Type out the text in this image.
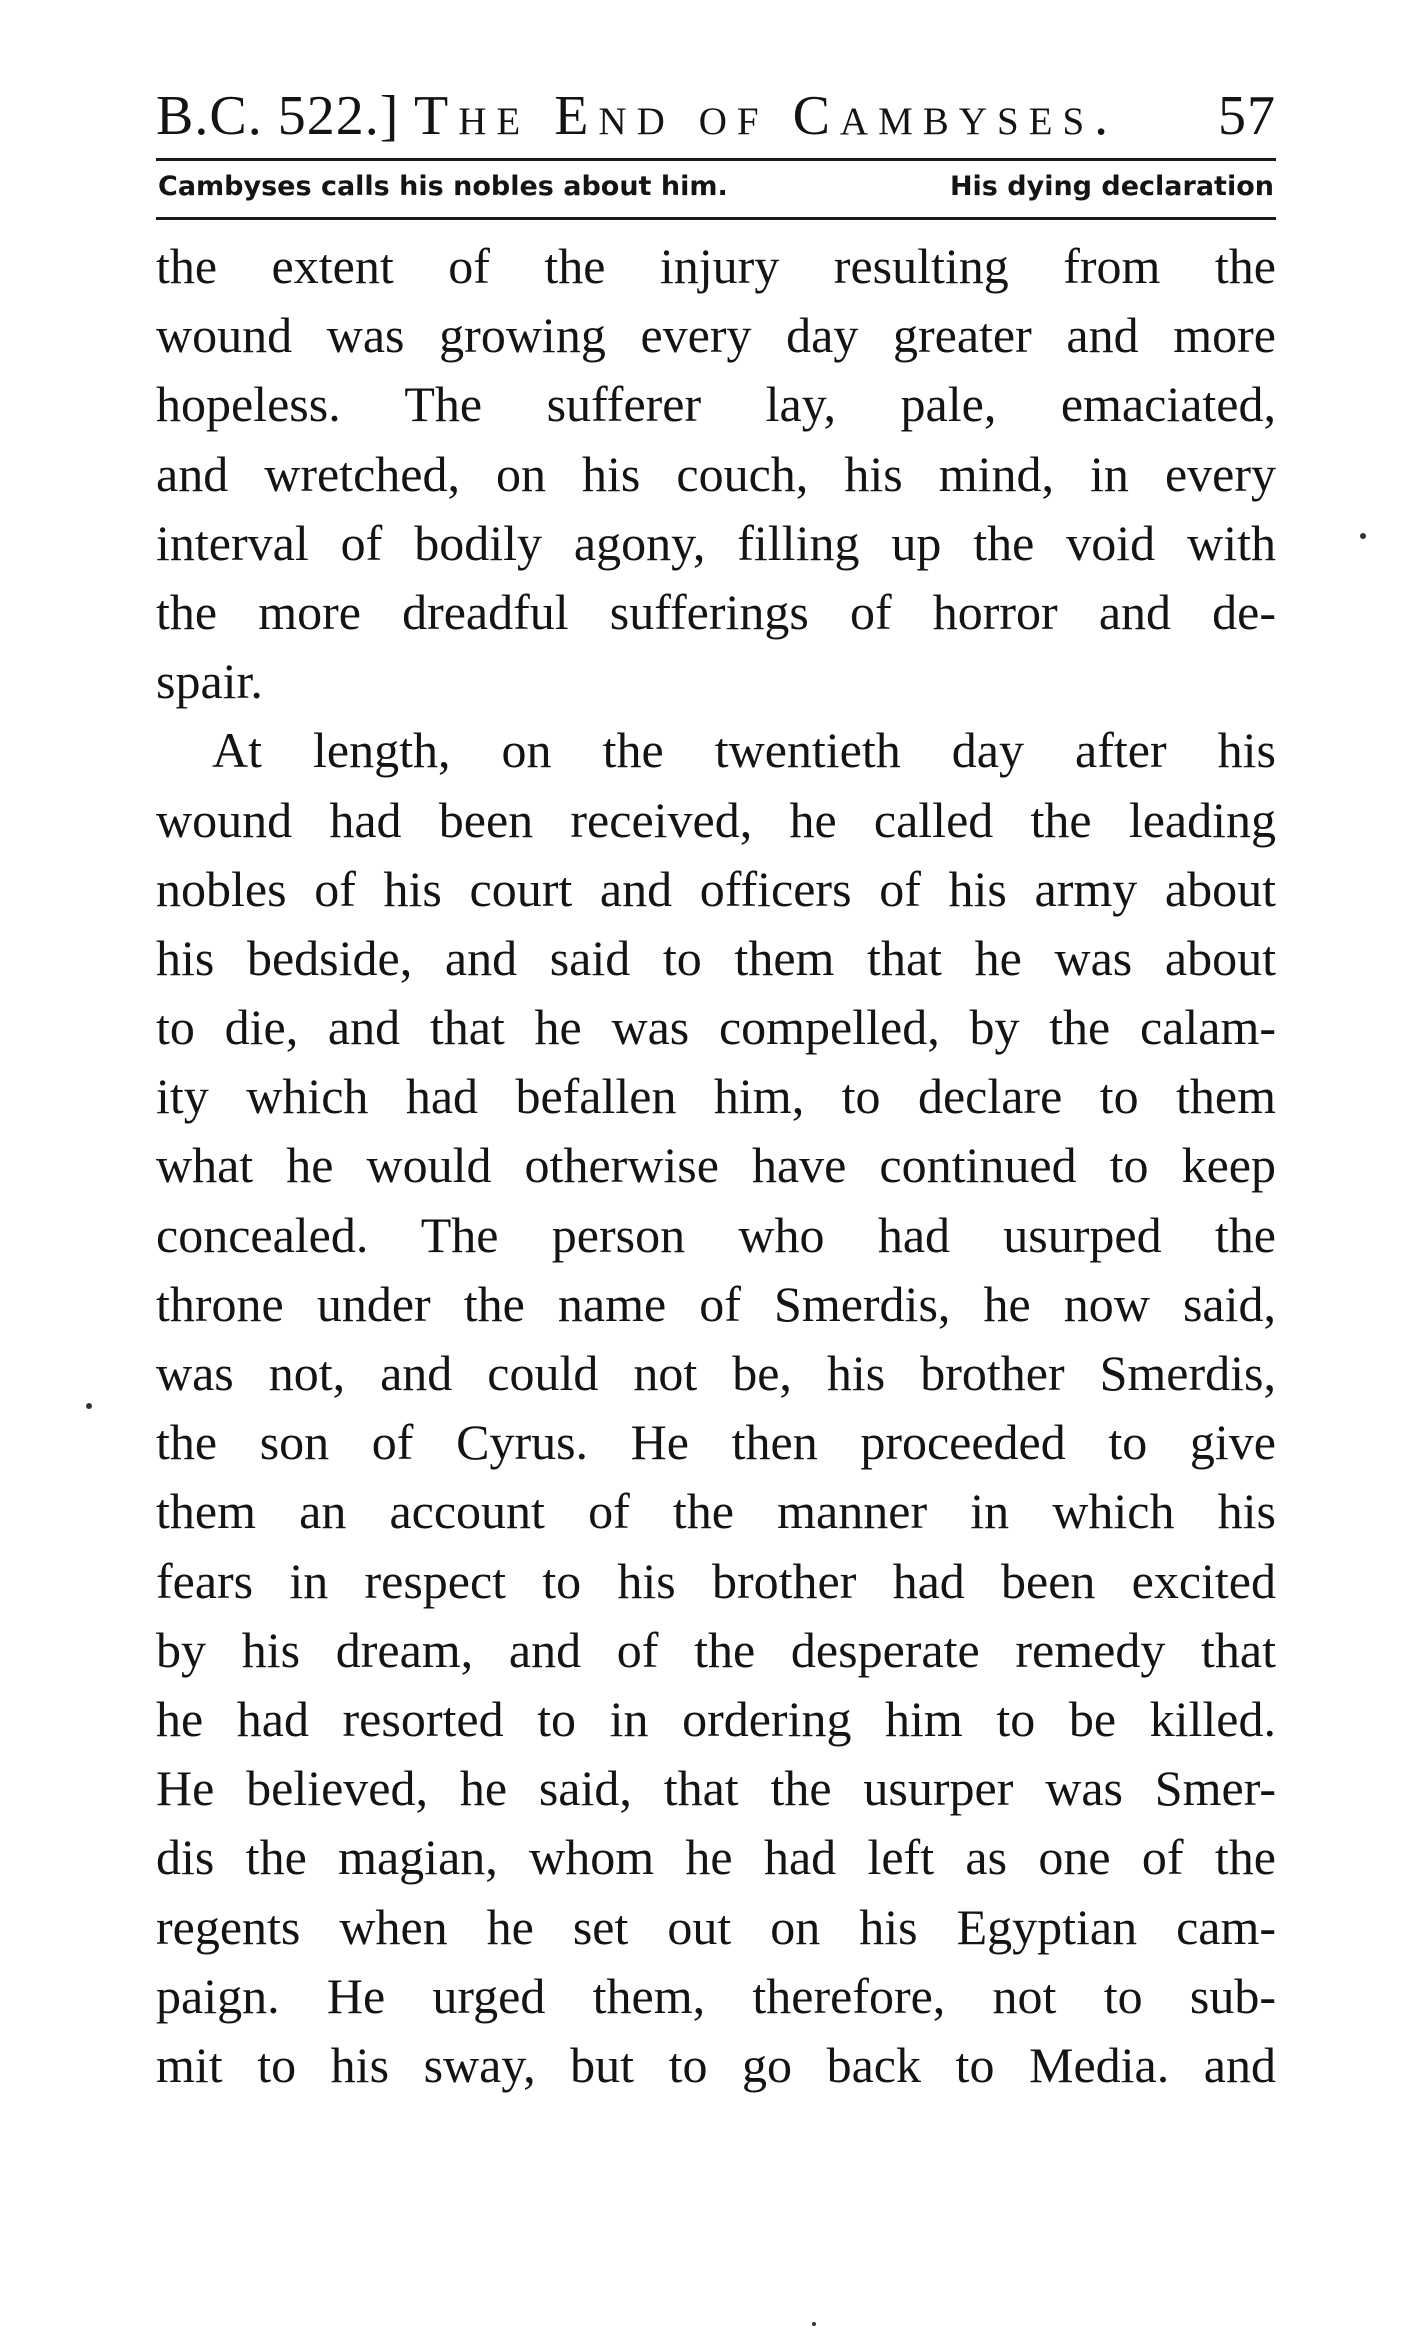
B.C. 522.] The End of Cambyses. 57
Cambyses calls his nobles about him.	His dying declaration
the extent of the injury resulting from the
wound was growing every day greater and more
hopeless. The sufferer lay, pale, emaciated,
and wretched, on his couch, his mind, in every
interval of bodily agony, filling up the void with
the more dreadful sufferings of horror and de-
spair.
At length, on the twentieth day after his
wound had been received, he called the leading
nobles of his court and officers of his army about
his bedside, and said to them that he was about
to die, and that he was compelled, by the calam-
ity which had befallen him, to declare to them
what he would otherwise have continued to keep
concealed. The person who had usurped the
throne under the name of Smerdis, he now said,
was not, and could not be, his brother Smerdis,
the son of Cyrus. He then proceeded to give
them an account of the manner in which his
fears in respect to his brother had been excited
by his dream, and of the desperate remedy that
he had resorted to in ordering him to be killed.
He believed, he said, that the usurper was Smer-
dis the magian, whom he had left as one of the
regents when he set out on his Egyptian cam-
paign. He urged them, therefore, not to sub-
mit to his sway, but to go back to Media. and
